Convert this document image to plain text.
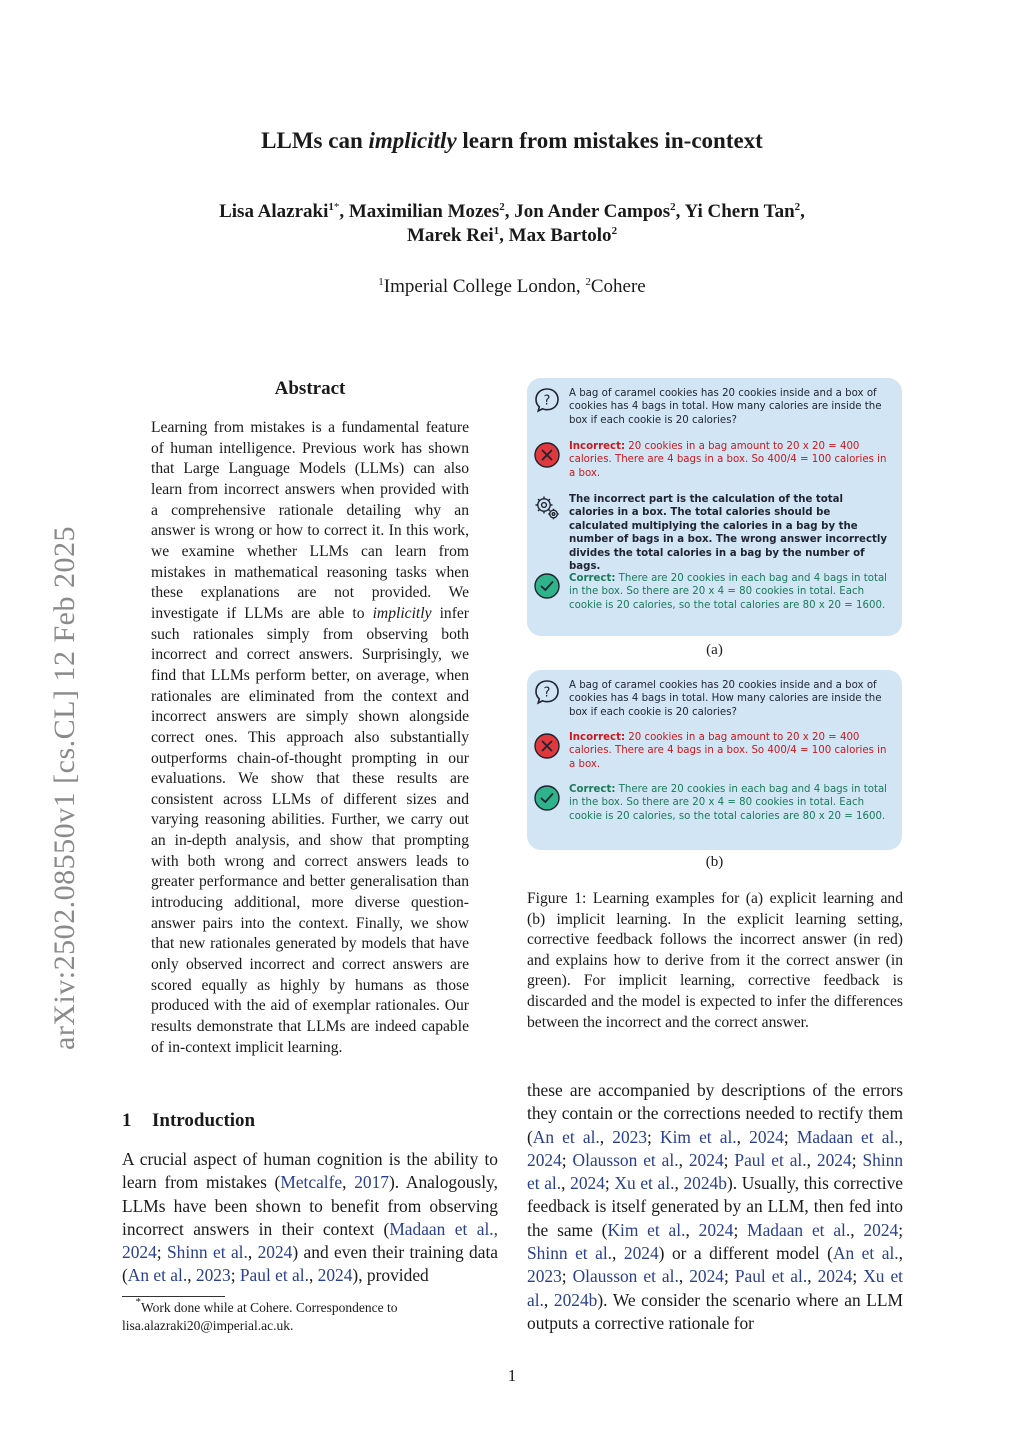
arXiv:2502.08550v1 [cs.CL] 12 Feb 2025
LLMs can implicitly learn from mistakes in-context
Lisa Alazraki$^{1*}$, Maximilian Mozes$^2$, Jon Ander Campos$^2$, Yi Chern Tan$^2$,
Marek Rei$^1$, Max Bartolo$^2$
$^1$Imperial College London, $^2$Cohere
Abstract
Learning from mistakes is a fundamental feature of human intelligence. Previous work has shown that Large Language Models (LLMs) can also learn from incorrect answers when provided with a comprehensive rationale detailing why an answer is wrong or how to correct it. In this work, we examine whether LLMs can learn from mistakes in mathematical reasoning tasks when these explanations are not provided. We investigate if LLMs are able to implicitly infer such rationales simply from observing both incorrect and correct answers. Surprisingly, we find that LLMs perform better, on average, when rationales are eliminated from the context and incorrect answers are simply shown alongside correct ones. This approach also substantially outperforms chain-of-thought prompting in our evaluations. We show that these results are consistent across LLMs of different sizes and varying reasoning abilities. Further, we carry out an in-depth analysis, and show that prompting with both wrong and correct answers leads to greater performance and better generalisation than introducing additional, more diverse question-answer pairs into the context. Finally, we show that new rationales generated by models that have only observed incorrect and correct answers are scored equally as highly by humans as those produced with the aid of exemplar rationales. Our results demonstrate that LLMs are indeed capable of in-context implicit learning.
1 Introduction
A crucial aspect of human cognition is the ability to learn from mistakes (Metcalfe, 2017). Analogously, LLMs have been shown to benefit from observing incorrect answers in their context (Madaan et al., 2024; Shinn et al., 2024) and even their training data (An et al., 2023; Paul et al., 2024), provided
*Work done while at Cohere. Correspondence to lisa.alazraki20@imperial.ac.uk.
? A bag of caramel cookies has 20 cookies inside and a box of cookies has 4 bags in total. How many calories are inside the box if each cookie is 20 calories?
Incorrect: 20 cookies in a bag amount to 20 x 20 = 400 calories. There are 4 bags in a box. So 400/4 = 100 calories in a box.
The incorrect part is the calculation of the total calories in a box. The total calories should be calculated multiplying the calories in a bag by the number of bags in a box. The wrong answer incorrectly divides the total calories in a bag by the number of bags.
Correct: There are 20 cookies in each bag and 4 bags in total in the box. So there are 20 x 4 = 80 cookies in total. Each cookie is 20 calories, so the total calories are 80 x 20 = 1600.
(a)
? A bag of caramel cookies has 20 cookies inside and a box of cookies has 4 bags in total. How many calories are inside the box if each cookie is 20 calories?
Incorrect: 20 cookies in a bag amount to 20 x 20 = 400 calories. There are 4 bags in a box. So 400/4 = 100 calories in a box.
Correct: There are 20 cookies in each bag and 4 bags in total in the box. So there are 20 x 4 = 80 cookies in total. Each cookie is 20 calories, so the total calories are 80 x 20 = 1600.
(b)
Figure 1: Learning examples for (a) explicit learning and (b) implicit learning. In the explicit learning setting, corrective feedback follows the incorrect answer (in red) and explains how to derive from it the correct answer (in green). For implicit learning, corrective feedback is discarded and the model is expected to infer the differences between the incorrect and the correct answer.
these are accompanied by descriptions of the errors they contain or the corrections needed to rectify them (An et al., 2023; Kim et al., 2024; Madaan et al., 2024; Olausson et al., 2024; Paul et al., 2024; Shinn et al., 2024; Xu et al., 2024b). Usually, this corrective feedback is itself generated by an LLM, then fed into the same (Kim et al., 2024; Madaan et al., 2024; Shinn et al., 2024) or a different model (An et al., 2023; Olausson et al., 2024; Paul et al., 2024; Xu et al., 2024b). We consider the scenario where an LLM outputs a corrective rationale for
1
